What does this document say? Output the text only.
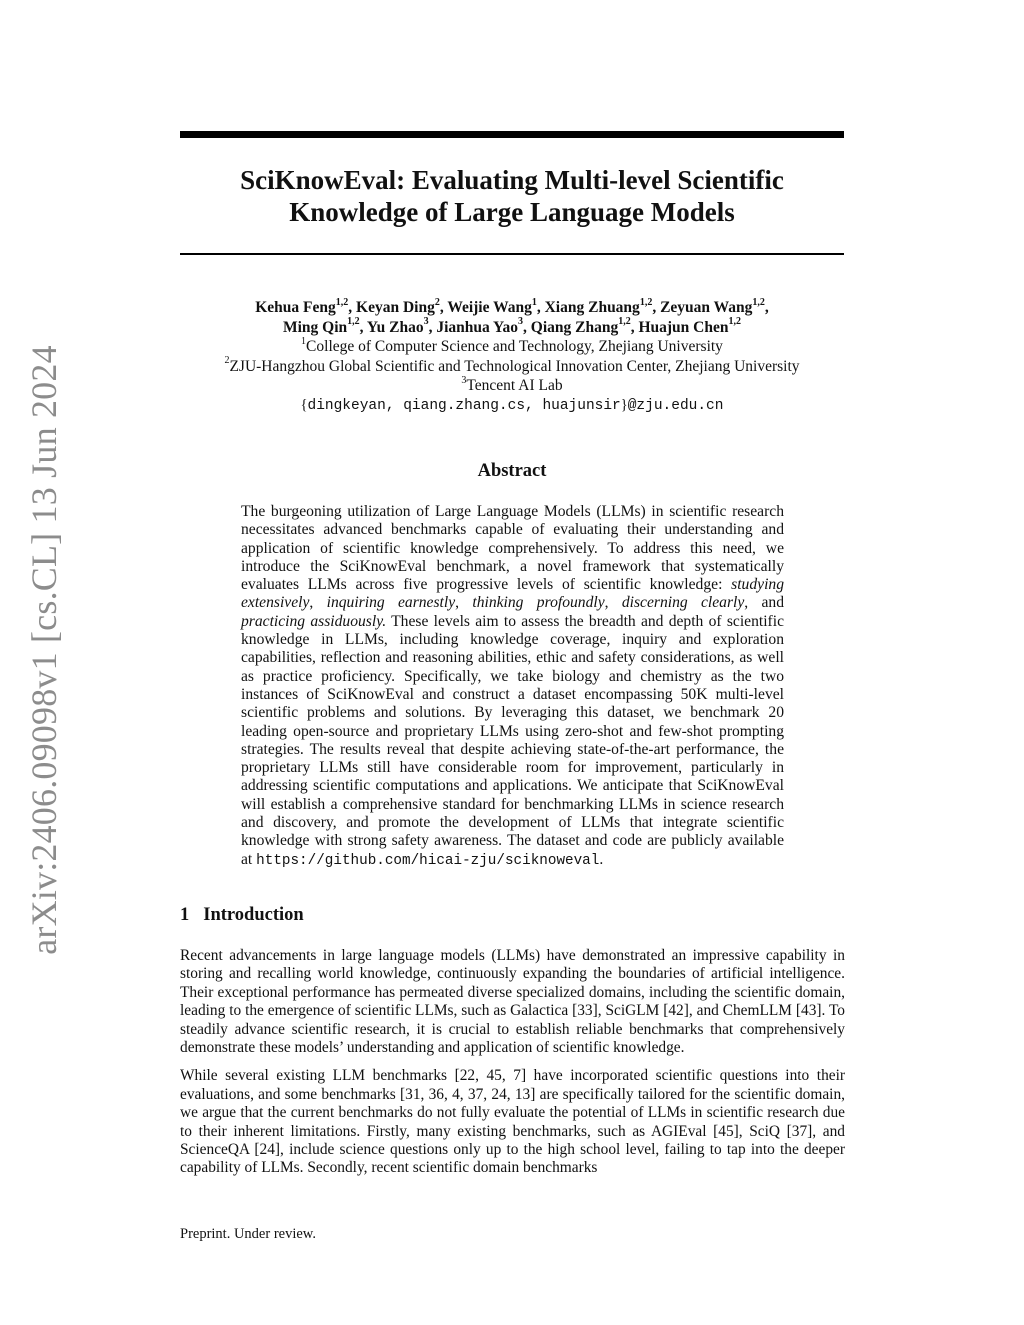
arXiv:2406.09098v1 [cs.CL] 13 Jun 2024
SciKnowEval: Evaluating Multi-level Scientific
Knowledge of Large Language Models
Kehua Feng$^{1,2}$, Keyan Ding$^2$, Weijie Wang$^1$, Xiang Zhuang$^{1,2}$, Zeyuan Wang$^{1,2}$,
Ming Qin$^{1,2}$, Yu Zhao$^3$, Jianhua Yao$^3$, Qiang Zhang$^{1,2}$, Huajun Chen$^{1,2}$
$^1$College of Computer Science and Technology, Zhejiang University
$^2$ZJU-Hangzhou Global Scientific and Technological Innovation Center, Zhejiang University
$^3$Tencent AI Lab
{dingkeyan, qiang.zhang.cs, huajunsir}@zju.edu.cn
Abstract
The burgeoning utilization of Large Language Models (LLMs) in scientific research necessitates advanced benchmarks capable of evaluating their understanding and application of scientific knowledge comprehensively. To address this need, we introduce the SciKnowEval benchmark, a novel framework that systematically evaluates LLMs across five progressive levels of scientific knowledge: studying extensively, inquiring earnestly, thinking profoundly, discerning clearly, and practicing assiduously. These levels aim to assess the breadth and depth of scientific knowledge in LLMs, including knowledge coverage, inquiry and exploration capabilities, reflection and reasoning abilities, ethic and safety considerations, as well as practice proficiency. Specifically, we take biology and chemistry as the two instances of SciKnowEval and construct a dataset encompassing 50K multi-level scientific problems and solutions. By leveraging this dataset, we benchmark 20 leading open-source and proprietary LLMs using zero-shot and few-shot prompting strategies. The results reveal that despite achieving state-of-the-art performance, the proprietary LLMs still have considerable room for improvement, particularly in addressing scientific computations and applications. We anticipate that SciKnowEval will establish a comprehensive standard for benchmarking LLMs in science research and discovery, and promote the development of LLMs that integrate scientific knowledge with strong safety awareness. The dataset and code are publicly available at https://github.com/hicai-zju/sciknoweval.
1 Introduction

Recent advancements in large language models (LLMs) have demonstrated an impressive capability in storing and recalling world knowledge, continuously expanding the boundaries of artificial intelligence. Their exceptional performance has permeated diverse specialized domains, including the scientific domain, leading to the emergence of scientific LLMs, such as Galactica [33], SciGLM [42], and ChemLLM [43]. To steadily advance scientific research, it is crucial to establish reliable benchmarks that comprehensively demonstrate these models’ understanding and application of scientific knowledge.

While several existing LLM benchmarks [22, 45, 7] have incorporated scientific questions into their evaluations, and some benchmarks [31, 36, 4, 37, 24, 13] are specifically tailored for the scientific domain, we argue that the current benchmarks do not fully evaluate the potential of LLMs in scientific research due to their inherent limitations. Firstly, many existing benchmarks, such as AGIEval [45], SciQ [37], and ScienceQA [24], include science questions only up to the high school level, failing to tap into the deeper capability of LLMs. Secondly, recent scientific domain benchmarks

Preprint. Under review.
